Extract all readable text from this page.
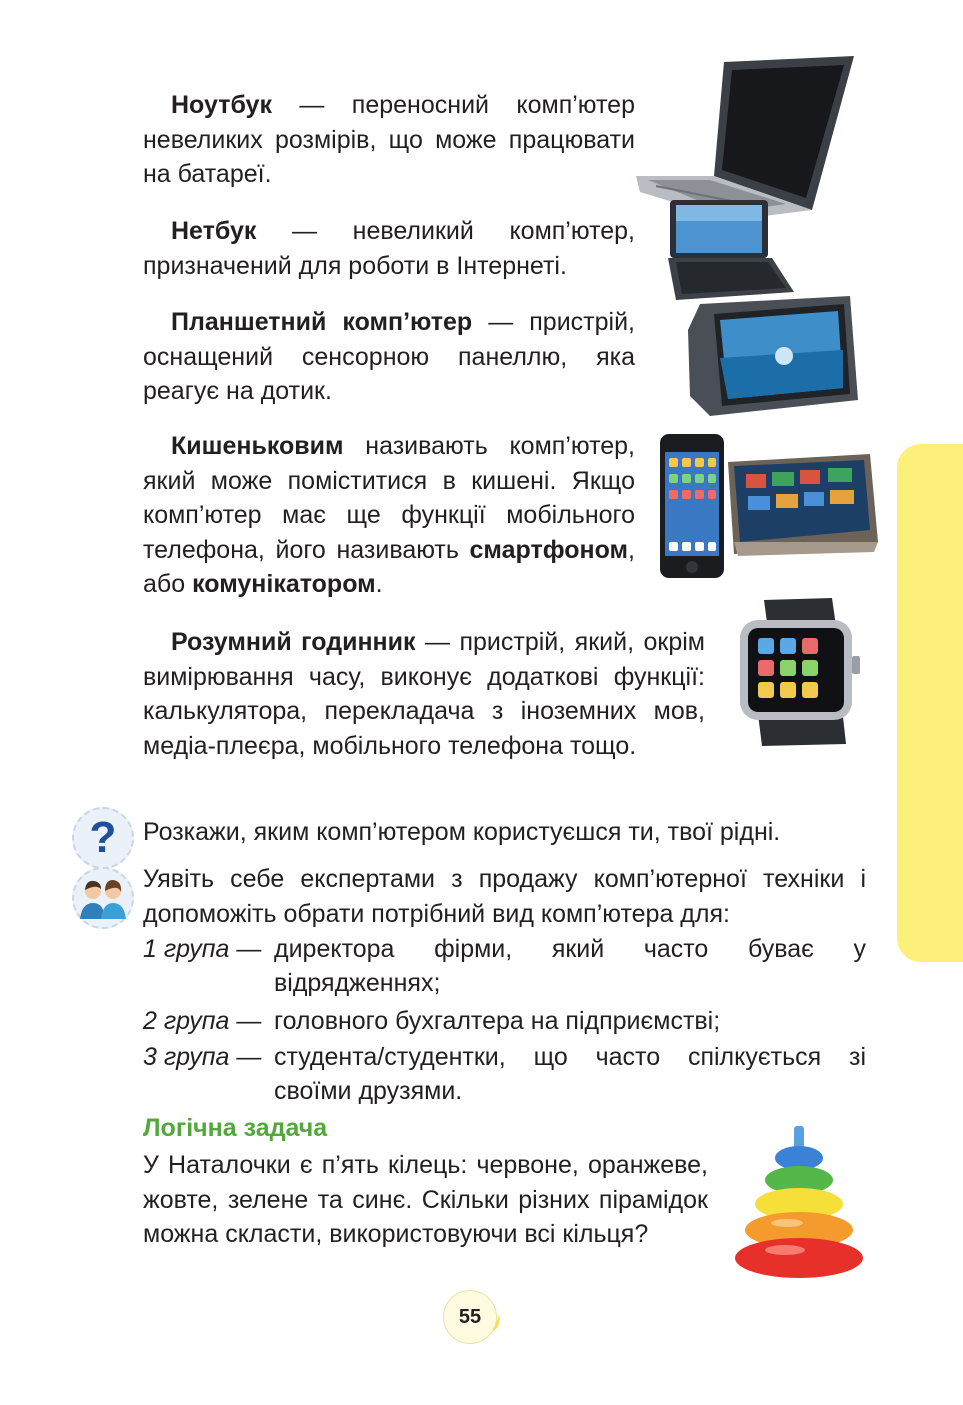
Ноутбук — переносний комп’ютер невеликих розмірів, що може працювати на батареї.

Нетбук — невеликий комп’ютер, призначений для роботи в Інтернеті.

Планшетний комп’ютер — пристрій, оснащений сенсорною панеллю, яка реагує на дотик.

Кишеньковим називають комп’ютер, який може поміститися в кишені. Якщо комп’ютер має ще функції мобільного телефона, його називають смартфоном, або комунікатором.

Розумний годинник — пристрій, який, окрім вимірювання часу, виконує додаткові функції: калькулятора, перекладача з іноземних мов, медіа-плеєра, мобільного телефона тощо.

?	Розкажи, яким комп’ютером користуєшся ти, твої рідні.

Уявіть себе експертами з продажу комп’ютерної техніки і допоможіть обрати потрібний вид комп’ютера для:

1 група — директора фірми, який часто буває у відрядженнях;
2 група — головного бухгалтера на підприємстві;
3 група — студента/студентки, що часто спілкується зі своїми друзями.
Логічна задача

У Наталочки є п’ять кілець: червоне, оранжеве, жовте, зелене та синє. Скільки різних пірамідок можна скласти, використовуючи всі кільця?

55
